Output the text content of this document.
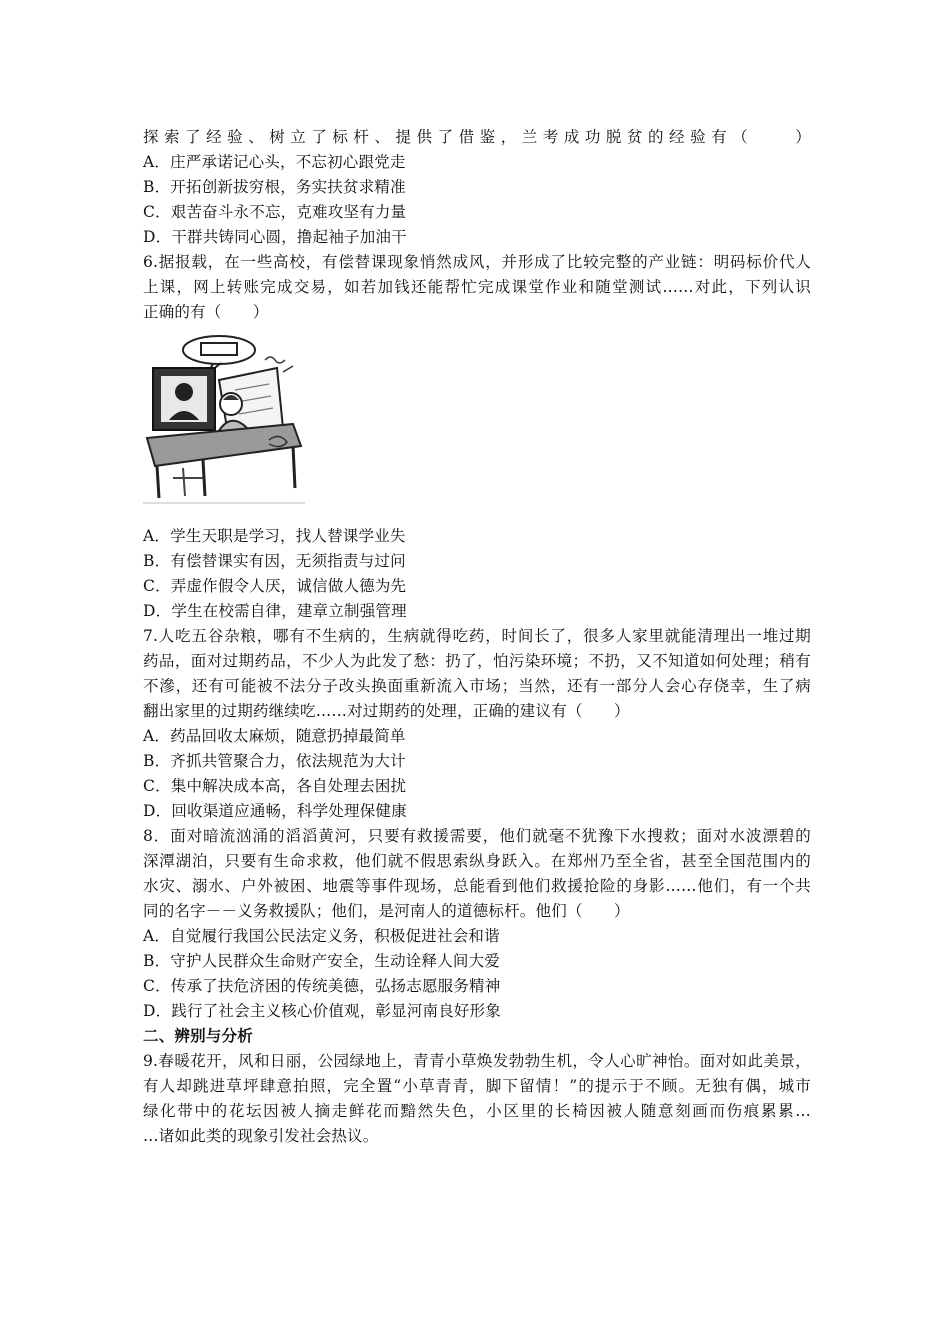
探索了经验、树立了标杆、提供了借鉴，兰考成功脱贫的经验有（　　）
A．庄严承诺记心头，不忘初心跟党走
B．开拓创新拔穷根，务实扶贫求精准
C．艰苦奋斗永不忘，克难攻坚有力量
D．干群共铸同心圆，撸起袖子加油干
6.据报载，在一些高校，有偿替课现象悄然成风，并形成了比较完整的产业链：明码标价代人
上课，网上转账完成交易，如若加钱还能帮忙完成课堂作业和随堂测试……对此，下列认识
正确的有（　　）
A．学生天职是学习，找人替课学业失
B．有偿替课实有因，无须指责与过问
C．弄虚作假令人厌，诚信做人德为先
D．学生在校需自律，建章立制强管理
7.人吃五谷杂粮，哪有不生病的，生病就得吃药，时间长了，很多人家里就能清理出一堆过期
药品，面对过期药品，不少人为此发了愁：扔了，怕污染环境；不扔，又不知道如何处理；稍有
不滲，还有可能被不法分子改头换面重新流入市场；当然，还有一部分人会心存侥幸，生了病
翻出家里的过期药继续吃……对过期药的处理，正确的建议有（　　）
A．药品回收太麻烦，随意扔掉最简单
B．齐抓共管聚合力，依法规范为大计
C．集中解决成本高，各自处理去困扰
D．回收渠道应通畅，科学处理保健康
8．面对暗流汹涌的滔滔黄河，只要有救援需要，他们就毫不犹豫下水搜救；面对水波漂碧的
深潭湖泊，只要有生命求救，他们就不假思索纵身跃入。在郑州乃至全省，甚至全国范围内的
水灾、溺水、户外被困、地震等事件现场，总能看到他们救援抢险的身影……他们，有一个共
同的名字－－义务救援队；他们，是河南人的道德标杆。他们（　　）
A．自觉履行我国公民法定义务，积极促进社会和谐
B．守护人民群众生命财产安全，生动诠释人间大爱
C．传承了扶危济困的传统美德，弘扬志愿服务精神
D．践行了社会主义核心价值观，彰显河南良好形象
二、辨别与分析
9.春暖花开，风和日丽，公园绿地上，青青小草焕发勃勃生机，令人心旷神怡。面对如此美景，
有人却跳进草坪肆意拍照，完全置“小草青青，脚下留情！”的提示于不顾。无独有偶，城市
绿化带中的花坛因被人摘走鲜花而黯然失色，小区里的长椅因被人随意刻画而伤痕累累…
…诸如此类的现象引发社会热议。
